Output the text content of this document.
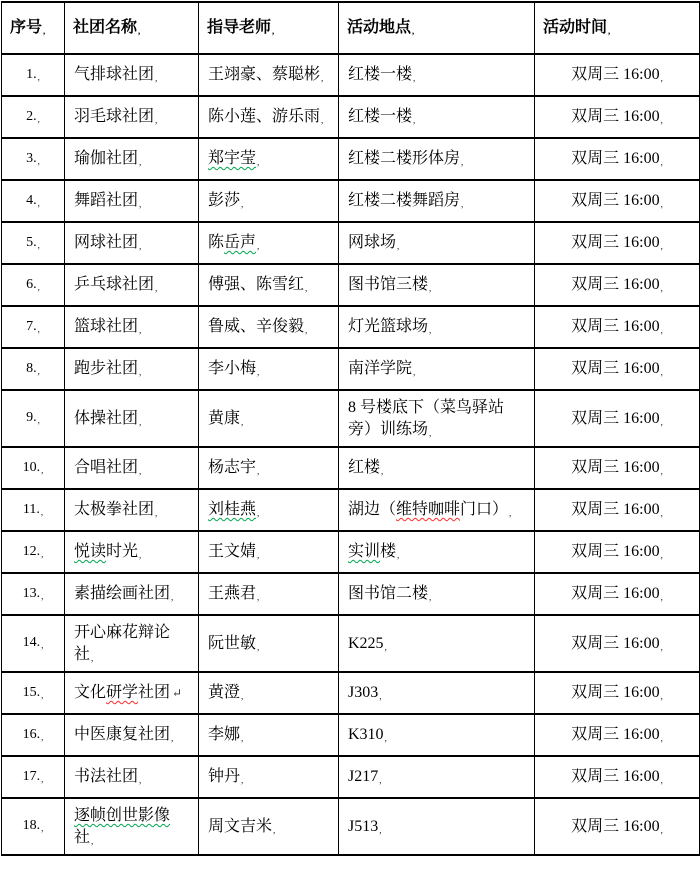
序号,	社团名称,	指导老师,	活动地点,	活动时间,
1.,	气排球社团,	王翊豪、蔡聪彬,	红楼一楼,	双周三 16:00,
2.,	羽毛球社团,	陈小莲、游乐雨,	红楼一楼,	双周三 16:00,
3.,	瑜伽社团,	郑宇莹,	红楼二楼形体房,	双周三 16:00,
4.,	舞蹈社团,	彭莎,	红楼二楼舞蹈房,	双周三 16:00,
5.,	网球社团,	陈岳声,	网球场,	双周三 16:00,
6.,	乒乓球社团,	傅强、陈雪红,	图书馆三楼,	双周三 16:00,
7.,	篮球社团,	鲁威、辛俊毅,	灯光篮球场,	双周三 16:00,
8.,	跑步社团,	李小梅,	南洋学院,	双周三 16:00,
9.,	体操社团,	黄康,	8 号楼底下（菜鸟驿站旁）训练场,	双周三 16:00,
10.,	合唱社团,	杨志宇,	红楼,	双周三 16:00,
11.,	太极拳社团,	刘桂燕,	湖边（维特咖啡门口）,	双周三 16:00,
12.,	悦读时光,	王文婧,	实训楼,	双周三 16:00,
13.,	素描绘画社团,	王燕君,	图书馆二楼,	双周三 16:00,
14.,	开心麻花辩论社,	阮世敏,	K225,	双周三 16:00,
15.,	文化研学社团 ↵	黄澄,	J303,	双周三 16:00,
16.,	中医康复社团,	李娜,	K310,	双周三 16:00,
17.,	书法社团,	钟丹,	J217,	双周三 16:00,
18.,	逐帧创世影像社,	周文吉米,	J513,	双周三 16:00,
